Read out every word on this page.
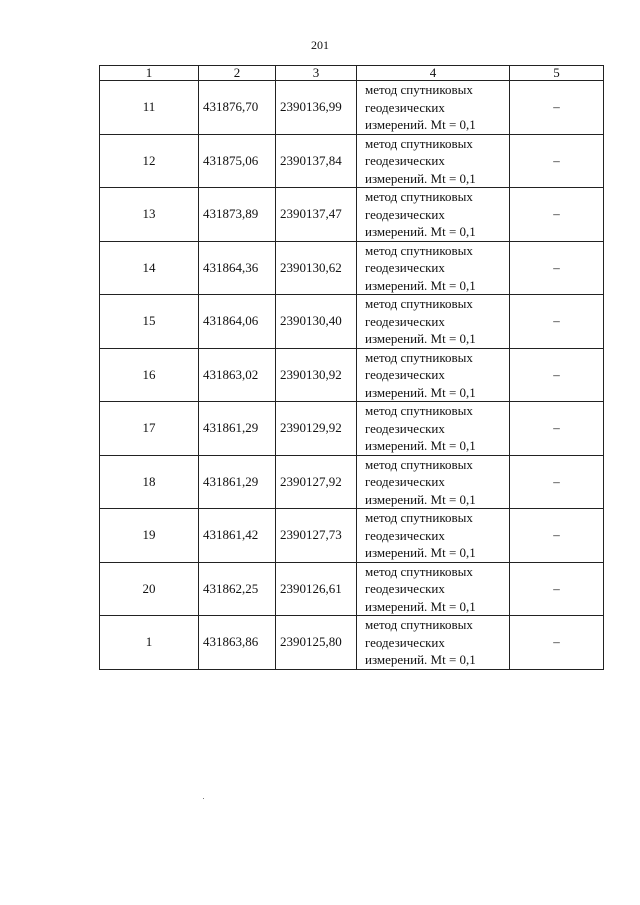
201
1	2	3	4	5
11	431876,70	2390136,99	метод спутниковых
геодезических
измерений. Mt = 0,1	–
12	431875,06	2390137,84	метод спутниковых
геодезических
измерений. Mt = 0,1	–
13	431873,89	2390137,47	метод спутниковых
геодезических
измерений. Mt = 0,1	–
14	431864,36	2390130,62	метод спутниковых
геодезических
измерений. Mt = 0,1	–
15	431864,06	2390130,40	метод спутниковых
геодезических
измерений. Mt = 0,1	–
16	431863,02	2390130,92	метод спутниковых
геодезических
измерений. Mt = 0,1	–
17	431861,29	2390129,92	метод спутниковых
геодезических
измерений. Mt = 0,1	–
18	431861,29	2390127,92	метод спутниковых
геодезических
измерений. Mt = 0,1	–
19	431861,42	2390127,73	метод спутниковых
геодезических
измерений. Mt = 0,1	–
20	431862,25	2390126,61	метод спутниковых
геодезических
измерений. Mt = 0,1	–
1	431863,86	2390125,80	метод спутниковых
геодезических
измерений. Mt = 0,1	–
